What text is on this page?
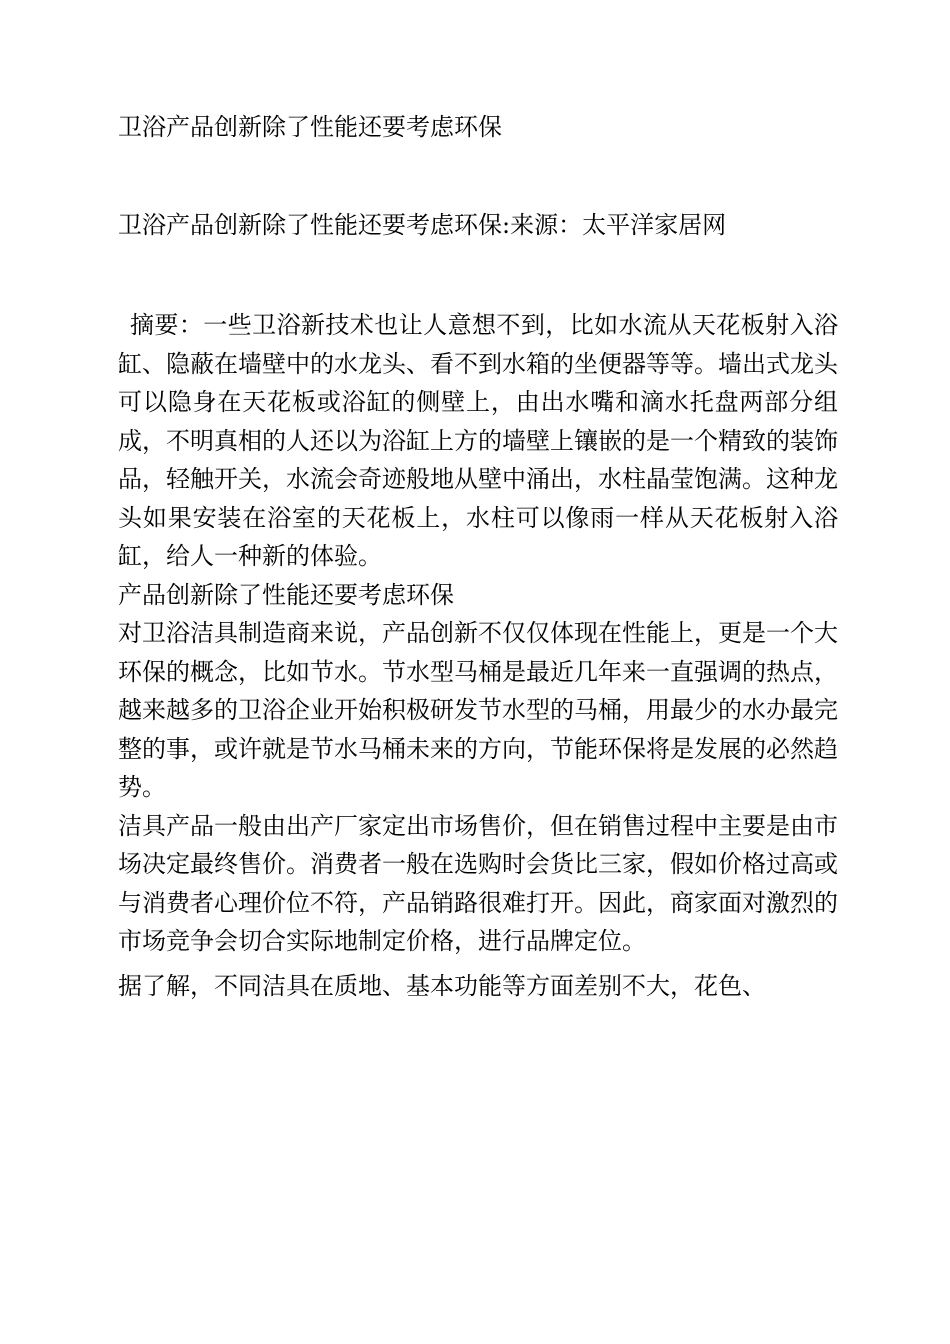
卫浴产品创新除了性能还要考虑环保
卫浴产品创新除了性能还要考虑环保:来源：太平洋家居网

摘要：一些卫浴新技术也让人意想不到，比如水流从天花板射入浴缸、隐蔽在墙壁中的水龙头、看不到水箱的坐便器等等。墙出式龙头可以隐身在天花板或浴缸的侧壁上，由出水嘴和滴水托盘两部分组成，不明真相的人还以为浴缸上方的墙壁上镶嵌的是一个精致的装饰品，轻触开关，水流会奇迹般地从壁中涌出，水柱晶莹饱满。这种龙头如果安装在浴室的天花板上，水柱可以像雨一样从天花板射入浴缸，给人一种新的体验。

产品创新除了性能还要考虑环保

对卫浴洁具制造商来说，产品创新不仅仅体现在性能上，更是一个大环保的概念，比如节水。节水型马桶是最近几年来一直强调的热点，越来越多的卫浴企业开始积极研发节水型的马桶，用最少的水办最完整的事，或许就是节水马桶未来的方向，节能环保将是发展的必然趋势。

洁具产品一般由出产厂家定出市场售价，但在销售过程中主要是由市场决定最终售价。消费者一般在选购时会货比三家，假如价格过高或与消费者心理价位不符，产品销路很难打开。因此，商家面对激烈的市场竞争会切合实际地制定价格，进行品牌定位。

据了解，不同洁具在质地、基本功能等方面差别不大，花色、
